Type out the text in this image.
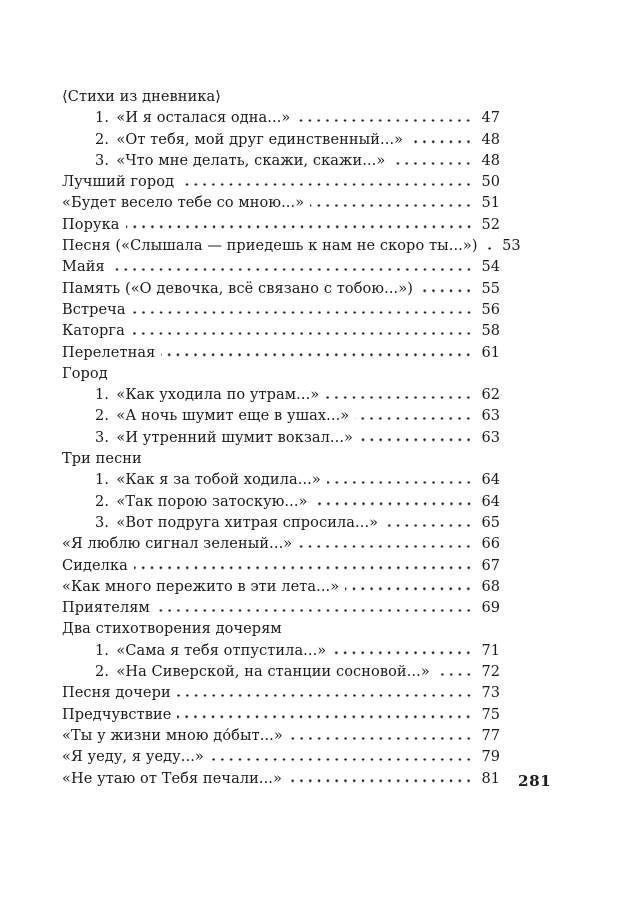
⟨Стихи из дневника⟩
1. «И я осталася одна...»	47
2. «От тебя, мой друг единственный...»	48
3. «Что мне делать, скажи, скажи...»	48
Лучший город	50
«Будет весело тебе со мною...»	51
Порука	52
Песня («Слышала — приедешь к нам не скоро ты...») 53
Майя	54
Память («О девочка, всё связано с тобою...»)	55
Встреча	56
Каторга	58
Перелетная	61
Город
1. «Как уходила по утрам...»	62
2. «А ночь шумит еще в ушах...»	63
3. «И утренний шумит вокзал...»	63
Три песни
1. «Как я за тобой ходила...»	64
2. «Так порою затоскую...»	64
3. «Вот подруга хитрая спросила...»	65
«Я люблю сигнал зеленый...»	66
Сиделка	67
«Как много пережито в эти лета...»	68
Приятелям	69
Два стихотворения дочерям
1. «Сама я тебя отпустила...»	71
2. «На Сиверской, на станции сосновой...»	72
Песня дочери	73
Предчувствие	75
«Ты у жизни мною до́быт...»	77
«Я уеду, я уеду...»	79
«Не утаю от Тебя печали...»	81 281
